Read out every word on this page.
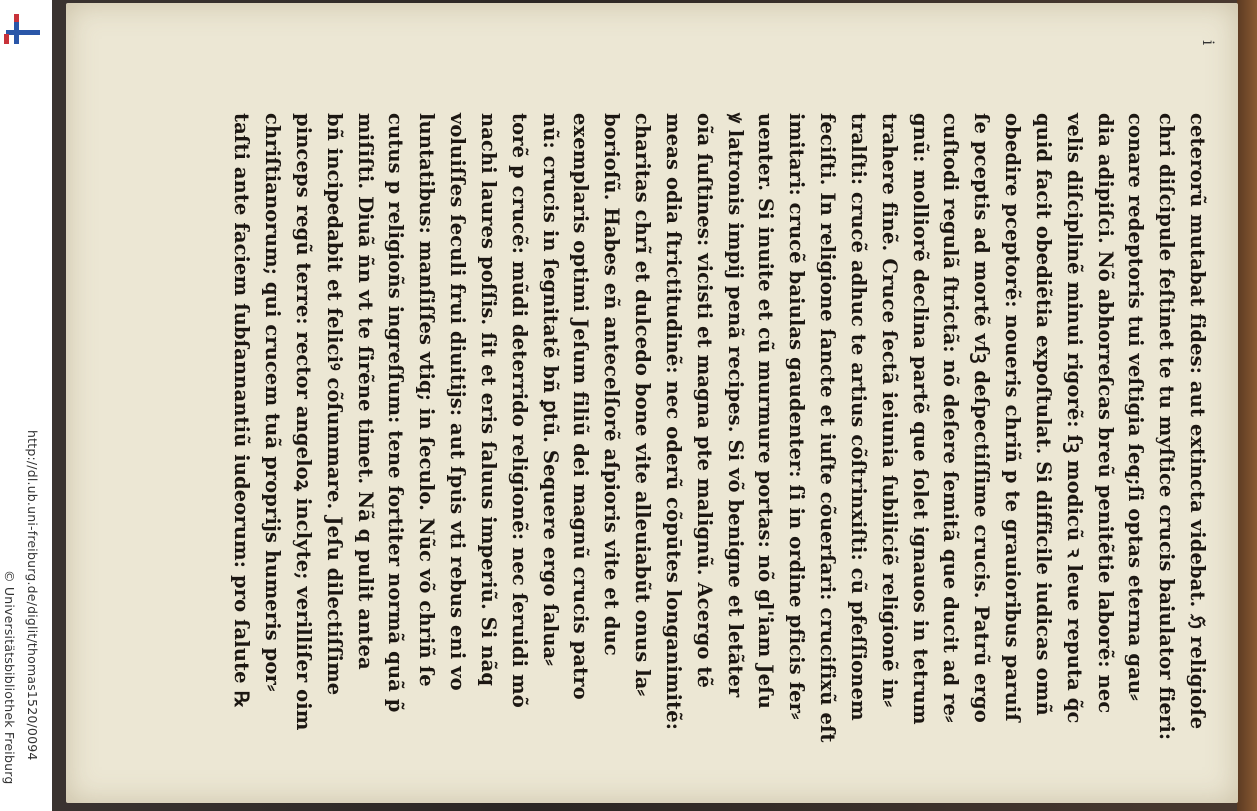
http://dl.ub.uni-freiburg.de/diglit/thomas1520/0094
© Universitätsbibliothek Freiburg
i
ceterorũ mutabat fides: aut extincta videbat. ℌ religioſe
chri diſcipule feſtinet te tu myſtice crucis baiulator fieri:
conare redeptoris tui veſtigia ſeq;ſi optas eterna gau⸗
dia adipiſci. Nõ abhorreſcas breũ penitẽtie laborẽ: nec
velis diſciplinẽ minui rigorẽ: ſꝫ modicũ ꝛ leue reputa q̃c
quid facit obediẽtia expoſtulat. Si difficile iudicas omñ
obedire pceptorẽ: noueris chriñ p te grauioribus paruiſ
ſe pceptis ad mortẽ vſꝫ deſpectiſſime crucis. Patrũ ergo
cuſtodi regulã ſtrictã: nõ deſere ſemitã que ducit ad re⸗
gnũ: molliorẽ declina partẽ que ſolet ignauos in tetrum
trahere finẽ. Cruce ſectã ieiunia ſubiliciẽ religionẽ in⸗
tralſti: crucẽ adhuc te artius cõſtrinxiſti: cũ pfeſſionem
feciſti. In religione ſancte et iuſte cõuerſari: crucifixũ eſt
imitari: crucẽ baiulas gaudenter: ſi in ordine pficis fer⸗
uenter. Si inuite et cũ murmure portas: nõ gl'iam Jeſu
ꝟ latronis impij penã recipes. Si võ benigne et letãter
oĩa ſuſtines: vicisti et magna pte malignũ. Acergo tẽ
meas odia ſtrictitudinẽ: nec oderũ cõpūtes longanimitẽ:
charitas chrĩ et dulcedo bone vite alleuiabũt onus la⸗
borioſũ. Habes eñ antecelſorẽ aſpioris vite et duc
exemplaris optimi Jeſum filiũ dei magnũ crucis patro
nũ: crucis in ſegnitatẽ bñ ꝑtũ. Sequere ergo ſalua⸗
torẽ p crucẽ: mũdi deterrido religionẽ: nec ſeruidi mõ
nachi laures poſſis. ſit et eris ſaluus imperiũ. Si nãq
voluiſſes ſeculi frui diuitijs: aut ſpɩis vti rebus eni vo
luntatibus: manſiſſes vtiq; in ſeculo. Nũc võ chriñ ſe
cutus p religioñs ingreſſum: tene fortiter normã quã p̃
miſiſti. Diuã ñn vt te ſirẽne timet. Nã q pulit antea
bñ incipedabit et feliciꝰ cõſummare. Jeſu dilectiſſime
pinceps regũ terre: rector angeloꝝ inclyte; verilliſer oim
chriſtianorum; qui crucem tuã proprijs humeris por⸗
taſti ante faciem ſubſannantiũ iudeorum: pro ſalute ℞
